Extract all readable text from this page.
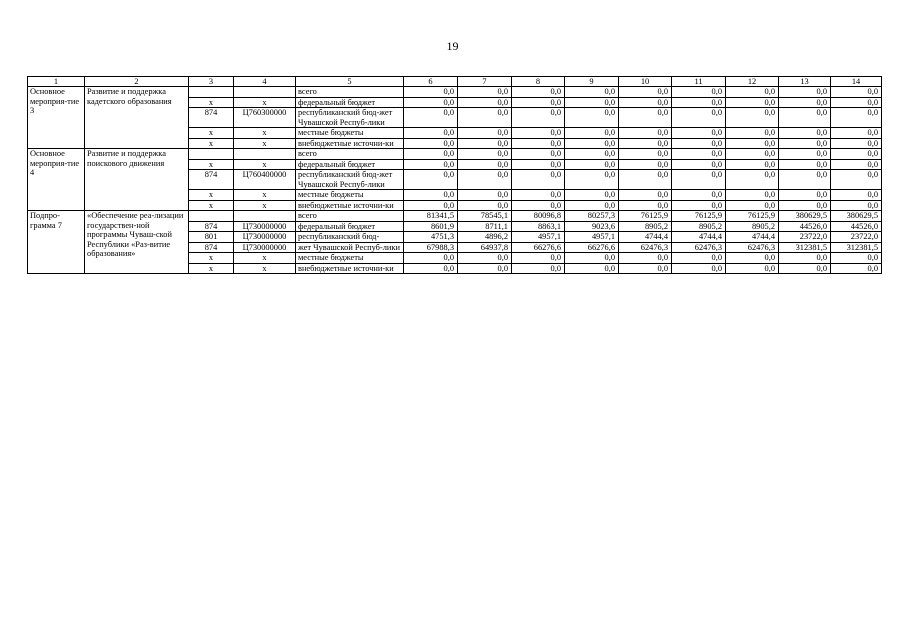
19
1	2	3	4	5	6	7	8	9	10	11	12	13	14
Основное мероприя-тие 3	Развитие и поддержка кадетского образования			всего	0,0	0,0	0,0	0,0	0,0	0,0	0,0	0,0	0,0
		x	x	федеральный бюджет	0,0	0,0	0,0	0,0	0,0	0,0	0,0	0,0	0,0
		874	Ц760300000	республиканский бюд-жет Чувашской Респуб-лики	0,0	0,0	0,0	0,0	0,0	0,0	0,0	0,0	0,0
		x	x	местные бюджеты	0,0	0,0	0,0	0,0	0,0	0,0	0,0	0,0	0,0
		x	x	внебюджетные источни-ки	0,0	0,0	0,0	0,0	0,0	0,0	0,0	0,0	0,0
Основное мероприя-тие 4	Развитие и поддержка поискового движения			всего	0,0	0,0	0,0	0,0	0,0	0,0	0,0	0,0	0,0
		x	x	федеральный бюджет	0,0	0,0	0,0	0,0	0,0	0,0	0,0	0,0	0,0
		874	Ц760400000	республиканский бюд-жет Чувашской Респуб-лики	0,0	0,0	0,0	0,0	0,0	0,0	0,0	0,0	0,0
		x	x	местные бюджеты	0,0	0,0	0,0	0,0	0,0	0,0	0,0	0,0	0,0
		x	x	внебюджетные источни-ки	0,0	0,0	0,0	0,0	0,0	0,0	0,0	0,0	0,0
Подпро-грамма 7	«Обеспечение реа-лизации государствен-ной программы Чуваш-ской Республики «Раз-витие образования»			всего	81341,5	78545,1	80096,8	80257,3	76125,9	76125,9	76125,9	380629,5	380629,5
		874	Ц730000000	федеральный бюджет	8601,9	8711,1	8863,1	9023,6	8905,2	8905,2	8905,2	44526,0	44526,0
		801	Ц730000000	республиканский бюд-	4751,3	4896,2	4957,1	4957,1	4744,4	4744,4	4744,4	23722,0	23722,0
		874	Ц730000000	жет Чувашской Респуб-лики	67988,3	64937,8	66276,6	66276,6	62476,3	62476,3	62476,3	312381,5	312381,5
		x	x	местные бюджеты	0,0	0,0	0,0	0,0	0,0	0,0	0,0	0,0	0,0
		x	x	внебюджетные источни-ки	0,0	0,0	0,0	0,0	0,0	0,0	0,0	0,0	0,0
